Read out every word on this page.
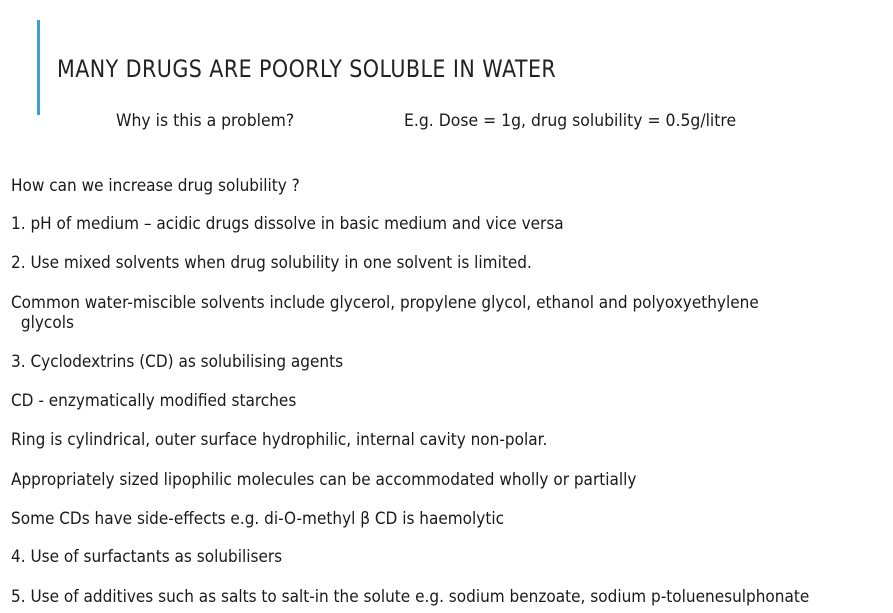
MANY DRUGS ARE POORLY SOLUBLE IN WATER
Why is this a problem?	E.g. Dose = 1g, drug solubility = 0.5g/litre
How can we increase drug solubility ?
1. pH of medium – acidic drugs dissolve in basic medium and vice versa
2. Use mixed solvents when drug solubility in one solvent is limited.
Common water-miscible solvents include glycerol, propylene glycol, ethanol and polyoxyethylene
glycols
3. Cyclodextrins (CD) as solubilising agents
CD - enzymatically modified starches
Ring is cylindrical, outer surface hydrophilic, internal cavity non-polar.
Appropriately sized lipophilic molecules can be accommodated wholly or partially
Some CDs have side-effects e.g. di-O-methyl β CD is haemolytic
4. Use of surfactants as solubilisers
5. Use of additives such as salts to salt-in the solute e.g. sodium benzoate, sodium p-toluenesulphonate
